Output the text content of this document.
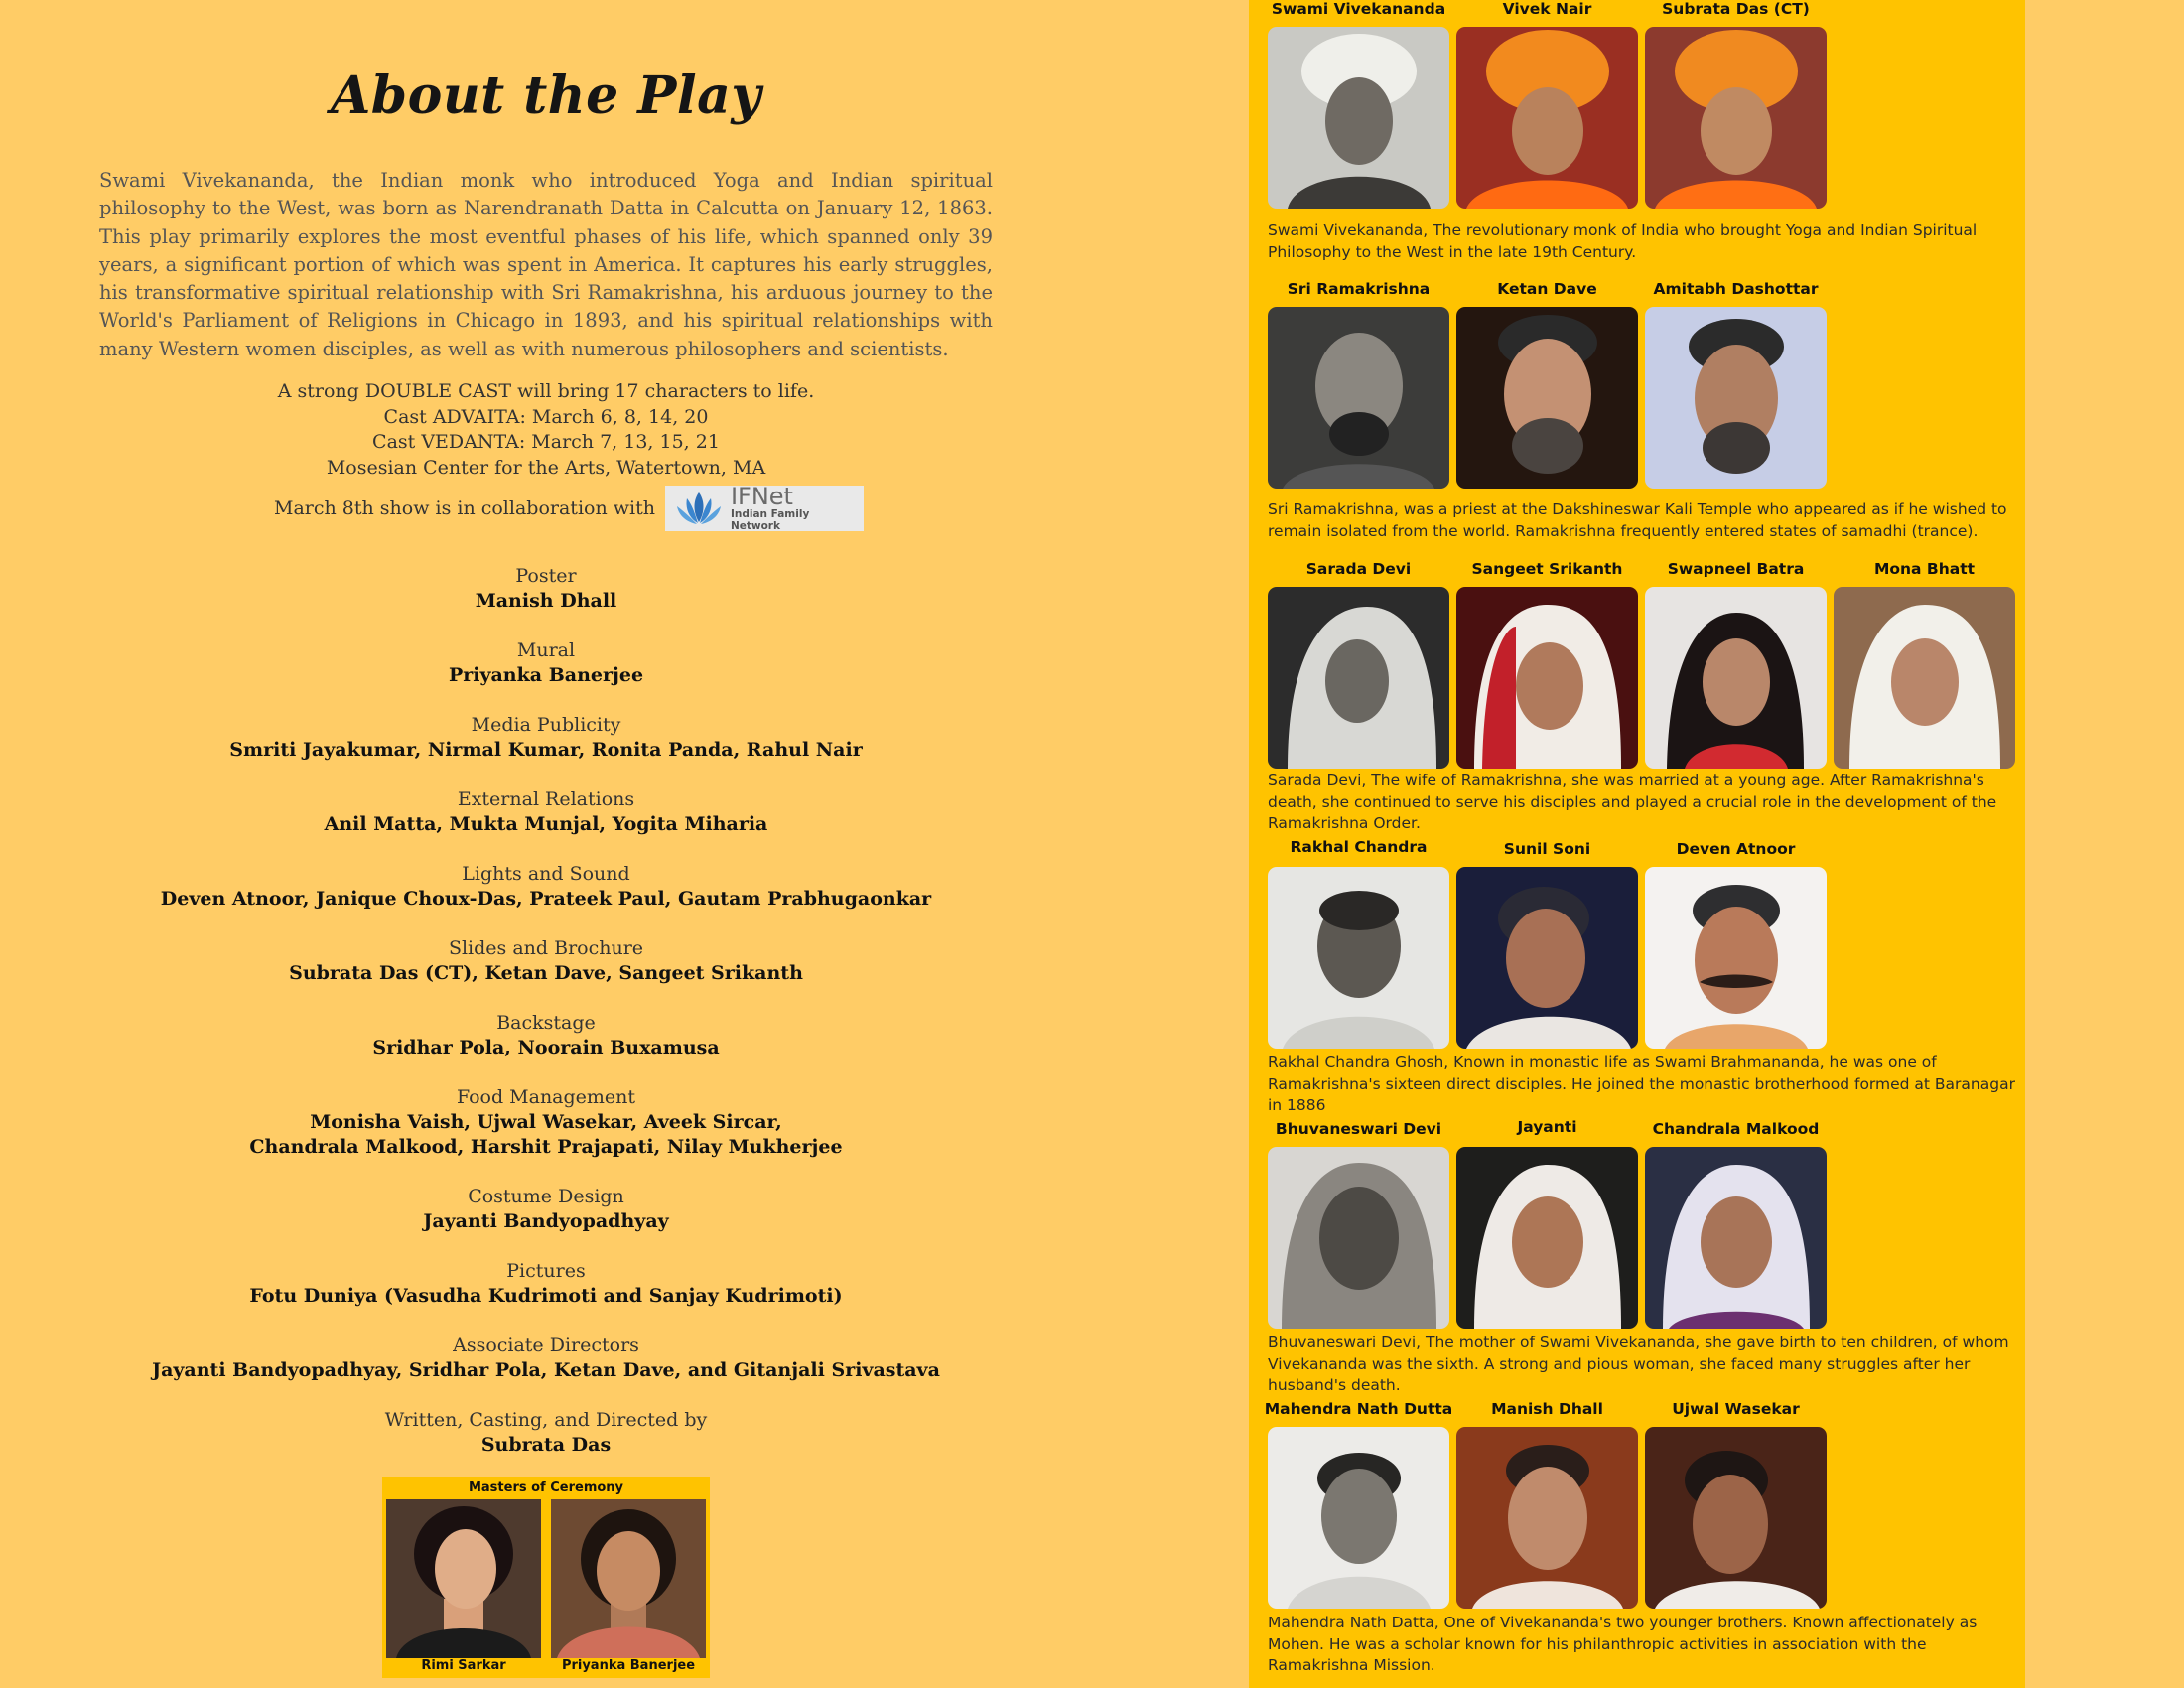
About the Play
Swami Vivekananda, the Indian monk who introduced Yoga and Indian spiritual philosophy to the West, was born as Narendranath Datta in Calcutta on January 12, 1863. This play primarily explores the most eventful phases of his life, which spanned only 39 years, a significant portion of which was spent in America. It captures his early struggles, his transformative spiritual relationship with Sri Ramakrishna, his arduous journey to the World's Parliament of Religions in Chicago in 1893, and his spiritual relationships with many Western women disciples, as well as with numerous philosophers and scientists.
A strong DOUBLE CAST will bring 17 characters to life.
Cast ADVAITA: March 6, 8, 14, 20
Cast VEDANTA: March 7, 13, 15, 21
Mosesian Center for the Arts, Watertown, MA
March 8th show is in collaboration with	IFNet
Indian Family Network
Poster
Manish Dhall
Mural
Priyanka Banerjee
Media Publicity
Smriti Jayakumar, Nirmal Kumar, Ronita Panda, Rahul Nair
External Relations
Anil Matta, Mukta Munjal, Yogita Miharia
Lights and Sound
Deven Atnoor, Janique Choux-Das, Prateek Paul, Gautam Prabhugaonkar
Slides and Brochure
Subrata Das (CT), Ketan Dave, Sangeet Srikanth
Backstage
Sridhar Pola, Noorain Buxamusa
Food Management
Monisha Vaish, Ujwal Wasekar, Aveek Sircar,
Chandrala Malkood, Harshit Prajapati, Nilay Mukherjee
Costume Design
Jayanti Bandyopadhyay
Pictures
Fotu Duniya (Vasudha Kudrimoti and Sanjay Kudrimoti)
Associate Directors
Jayanti Bandyopadhyay, Sridhar Pola, Ketan Dave, and Gitanjali Srivastava
Written, Casting, and Directed by
Subrata Das
Masters of Ceremony
Rimi Sarkar	Priyanka Banerjee
Swami Vivekananda	Vivek Nair	Subrata Das (CT)
Swami Vivekananda, The revolutionary monk of India who brought Yoga and Indian Spiritual Philosophy to the West in the late 19th Century.
Sri Ramakrishna	Ketan Dave	Amitabh Dashottar
Sri Ramakrishna, was a priest at the Dakshineswar Kali Temple who appeared as if he wished to remain isolated from the world. Ramakrishna frequently entered states of samadhi (trance).
Sarada Devi	Sangeet Srikanth	Swapneel Batra	Mona Bhatt
Sarada Devi, The wife of Ramakrishna, she was married at a young age. After Ramakrishna's death, she continued to serve his disciples and played a crucial role in the development of the Ramakrishna Order.
Rakhal Chandra	Sunil Soni	Deven Atnoor
Rakhal Chandra Ghosh, Known in monastic life as Swami Brahmananda, he was one of Ramakrishna's sixteen direct disciples. He joined the monastic brotherhood formed at Baranagar in 1886
Bhuvaneswari Devi	Jayanti	Chandrala Malkood
Bhuvaneswari Devi, The mother of Swami Vivekananda, she gave birth to ten children, of whom Vivekananda was the sixth. A strong and pious woman, she faced many struggles after her husband's death.
Mahendra Nath Dutta	Manish Dhall	Ujwal Wasekar
Mahendra Nath Datta, One of Vivekananda's two younger brothers. Known affectionately as Mohen. He was a scholar known for his philanthropic activities in association with the Ramakrishna Mission.
